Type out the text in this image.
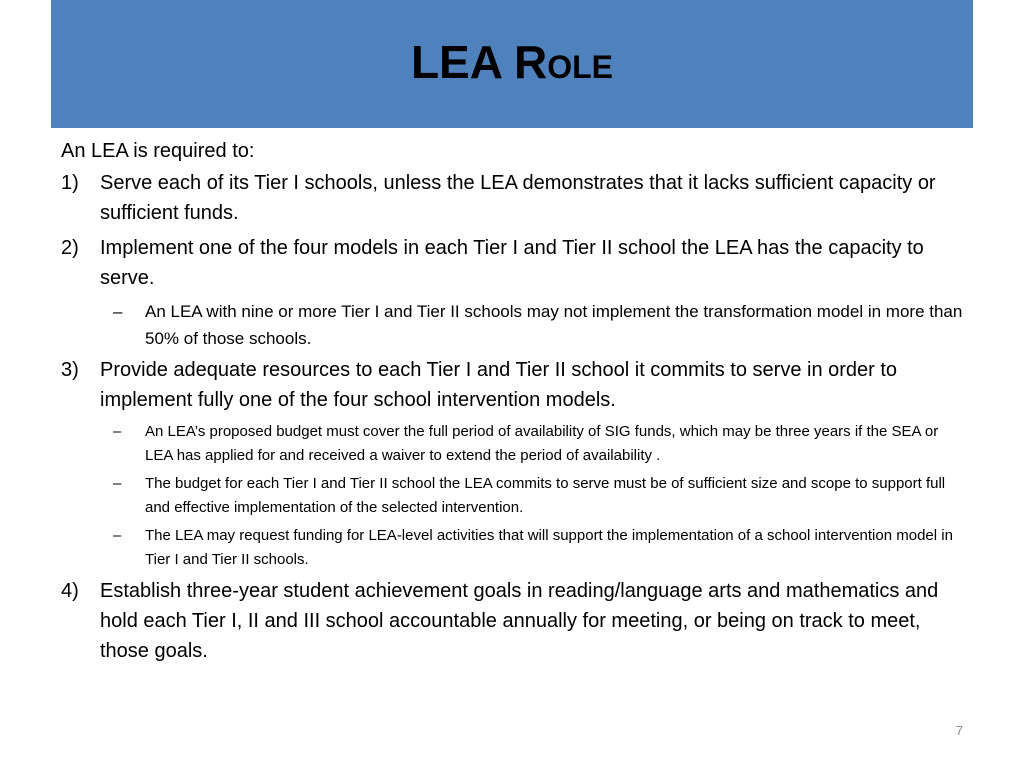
LEA Role
An LEA is required to:
1) Serve each of its Tier I schools, unless the LEA demonstrates that it lacks sufficient capacity or sufficient funds.
2) Implement one of the four models in each Tier I and Tier II school the LEA has the capacity to serve.
– An LEA with nine or more Tier I and Tier II schools may not implement the transformation model in more than 50% of those schools.
3) Provide adequate resources to each Tier I and Tier II school it commits to serve in order to implement fully one of the four school intervention models.
– An LEA’s proposed budget must cover the full period of availability of SIG funds, which may be three years if the SEA or LEA has applied for and received a waiver to extend the period of availability .
– The budget for each Tier I and Tier II school the LEA commits to serve must be of sufficient size and scope to support full and effective implementation of the selected intervention.
– The LEA may request funding for LEA-level activities that will support the implementation of a school intervention model in Tier I and Tier II schools.
4) Establish three-year student achievement goals in reading/language arts and mathematics and hold each Tier I, II and III school accountable annually for meeting, or being on track to meet, those goals.
7
